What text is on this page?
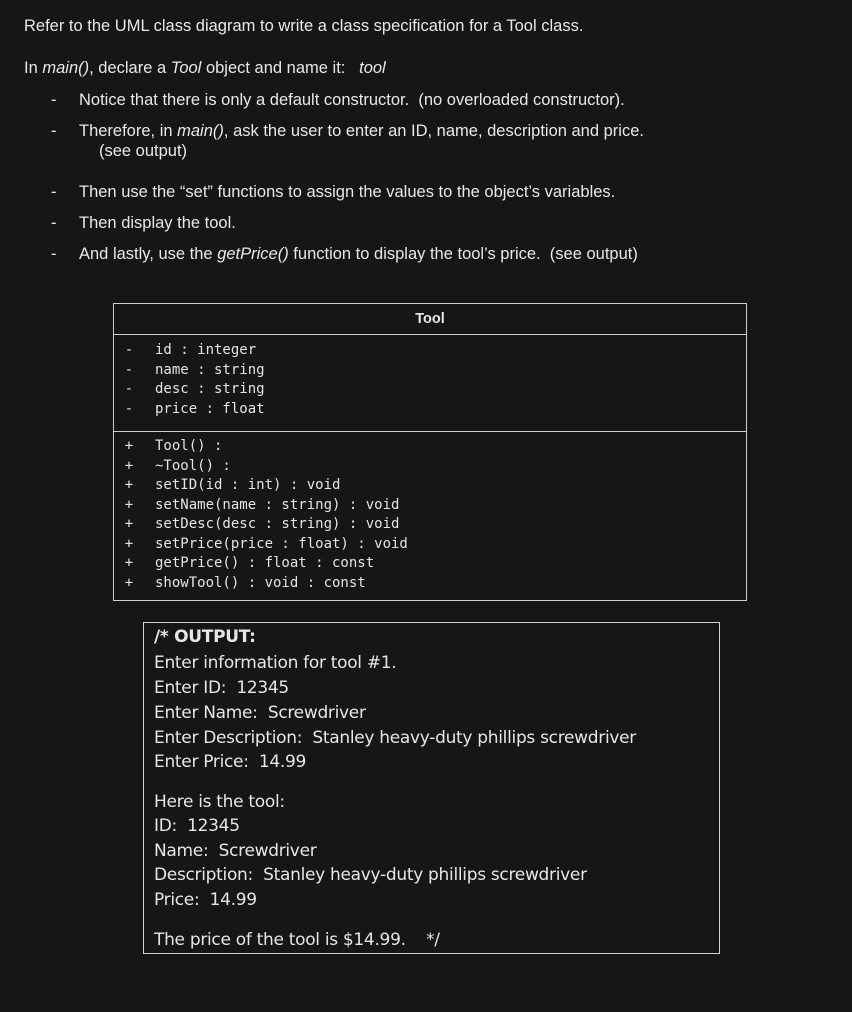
Refer to the UML class diagram to write a class specification for a Tool class.
In main(), declare a Tool object and name it:   tool
- Notice that there is only a default constructor.  (no overloaded constructor).
- Therefore, in main(), ask the user to enter an ID, name, description and price.
(see output)
- Then use the “set” functions to assign the values to the object’s variables.
- Then display the tool.
- And lastly, use the getPrice() function to display the tool’s price.  (see output)
Tool
- id : integer
- name : string
- desc : string
- price : float
+ Tool() :
+ ~Tool() :
+ setID(id : int) : void
+ setName(name : string) : void
+ setDesc(desc : string) : void
+ setPrice(price : float) : void
+ getPrice() : float : const
+ showTool() : void : const
/* OUTPUT:
Enter information for tool #1.
Enter ID:  12345
Enter Name:  Screwdriver
Enter Description:  Stanley heavy-duty phillips screwdriver
Enter Price:  14.99
Here is the tool:
ID:  12345
Name:  Screwdriver
Description:  Stanley heavy-duty phillips screwdriver
Price:  14.99
The price of the tool is $14.99.    */
